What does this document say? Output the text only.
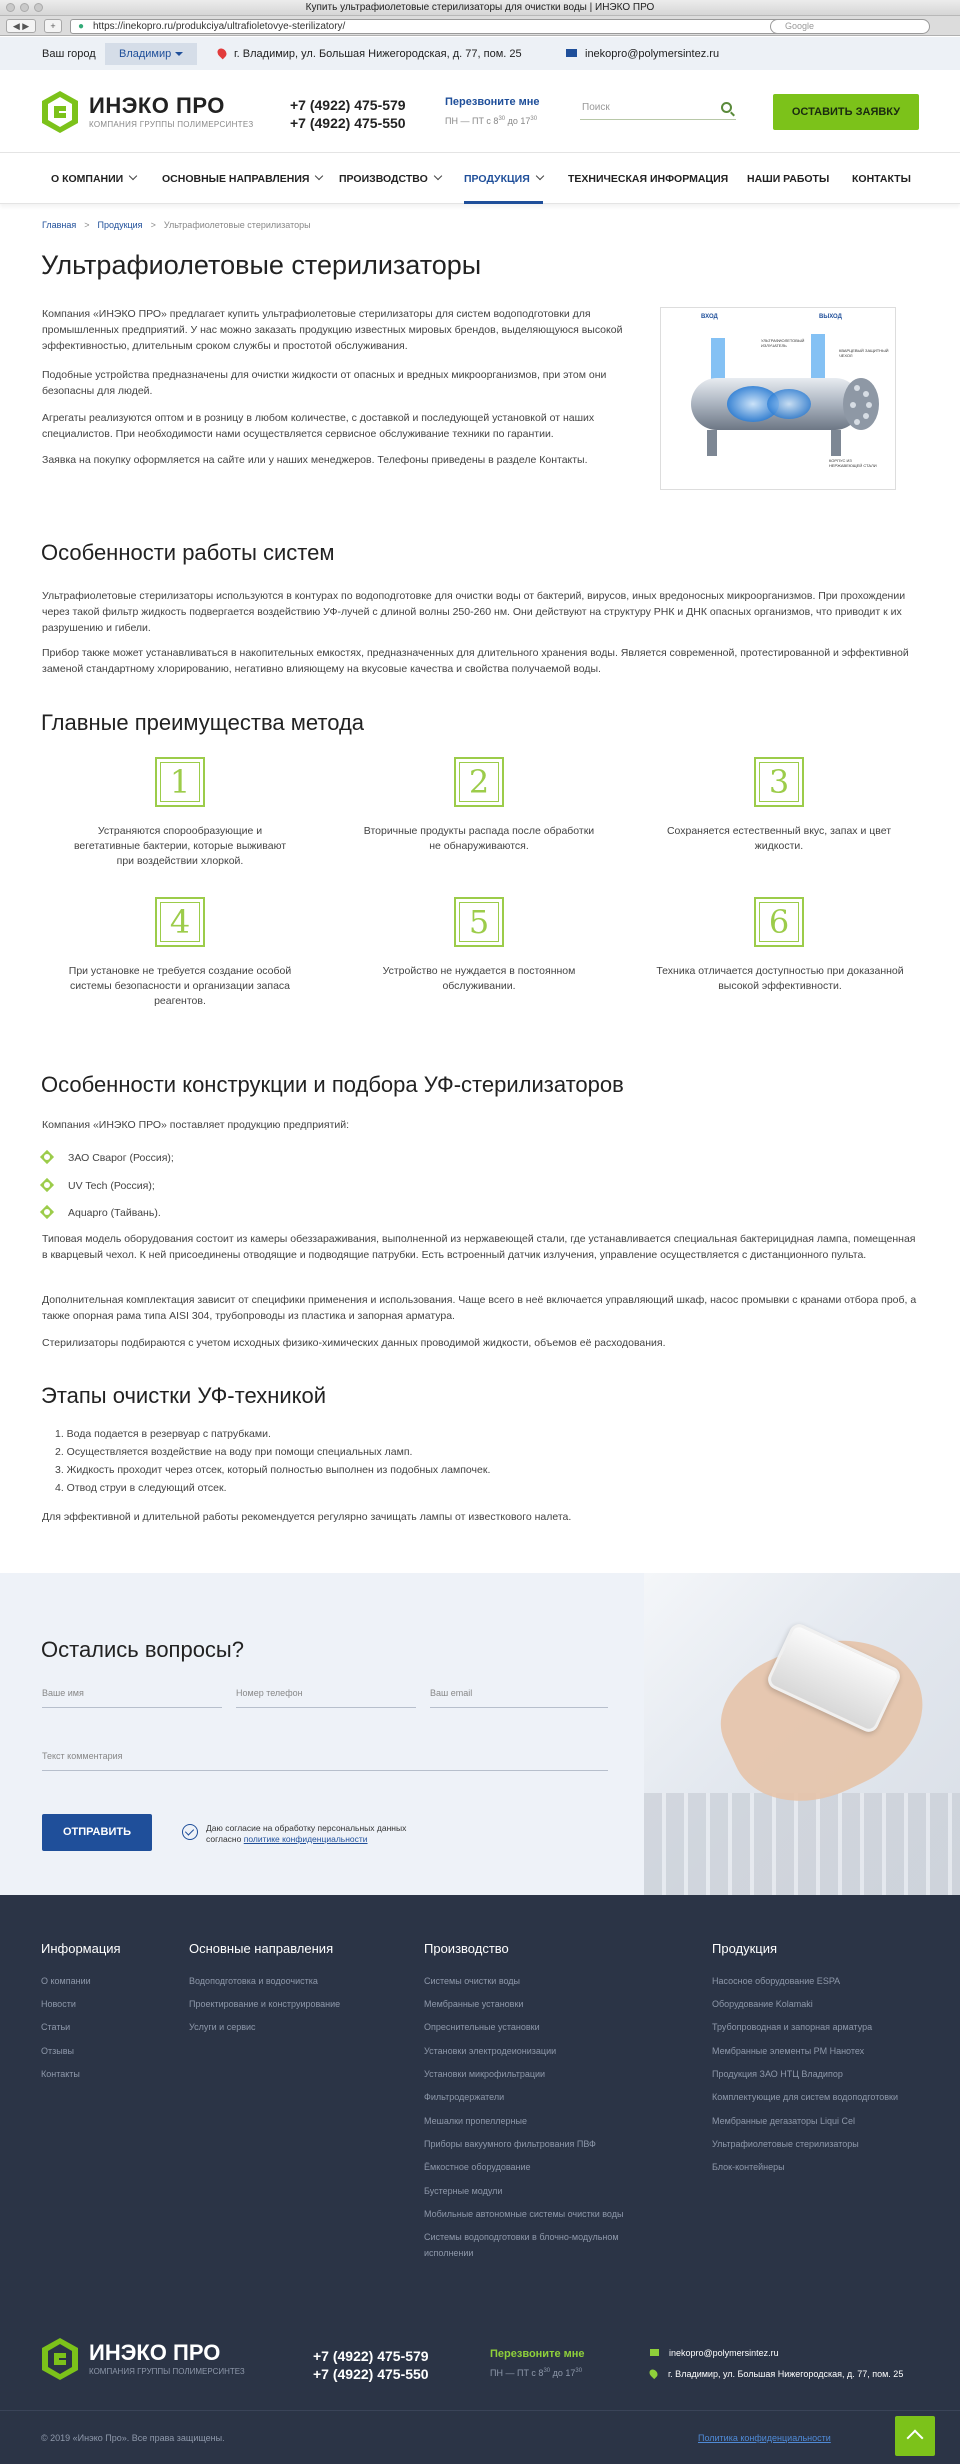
Купить ультрафиолетовые стерилизаторы для очистки воды | ИНЭКО ПРО
◀ ▶	+	● https://inekopro.ru/produkciya/ultrafioletovye-sterilizatory/	Google
Ваш город	Владимир	г. Владимир, ул. Большая Нижегородская, д. 77, пом. 25	inekopro@polymersintez.ru
ИНЭКО ПРО
КОМПАНИЯ ГРУППЫ ПОЛИМЕРСИНТЕЗ
+7 (4922) 475-579
+7 (4922) 475-550
Перезвоните мне
ПН — ПТ с $8^{30}$ до $17^{30}$
Поиск	ОСТАВИТЬ ЗАЯВКУ
О КОМПАНИИ	ОСНОВНЫЕ НАПРАВЛЕНИЯ	ПРОИЗВОДСТВО	ПРОДУКЦИЯ	ТЕХНИЧЕСКАЯ ИНФОРМАЦИЯ НАШИ РАБОТЫ КОНТАКТЫ
Главная > Продукция > Ультрафиолетовые стерилизаторы
Ультрафиолетовые стерилизаторы

Компания «ИНЭКО ПРО» предлагает купить ультрафиолетовые стерилизаторы для систем водоподготовки для промышленных предприятий. У нас можно заказать продукцию известных мировых брендов, выделяющуюся высокой эффективностью, длительным сроком службы и простотой обслуживания.

Подобные устройства предназначены для очистки жидкости от опасных и вредных микроорганизмов, при этом они безопасны для людей.

Агрегаты реализуются оптом и в розницу в любом количестве, с доставкой и последующей установкой от наших специалистов. При необходимости нами осуществляется сервисное обслуживание техники по гарантии.

Заявка на покупку оформляется на сайте или у наших менеджеров. Телефоны приведены в разделе Контакты.

ВХОД	ВЫХОД
УЛЬТРАФИОЛЕТОВЫЙ ИЗЛУЧАТЕЛЬ
КВАРЦЕВЫЙ ЗАЩИТНЫЙ ЧЕХОЛ
КОРПУС ИЗ НЕРЖАВЕЮЩЕЙ СТАЛИ
Особенности работы систем

Ультрафиолетовые стерилизаторы используются в контурах по водоподготовке для очистки воды от бактерий, вирусов, иных вредоносных микроорганизмов. При прохождении через такой фильтр жидкость подвергается воздействию УФ-лучей с длиной волны 250-260 нм. Они действуют на структуру РНК и ДНК опасных организмов, что приводит к их разрушению и гибели.

Прибор также может устанавливаться в накопительных емкостях, предназначенных для длительного хранения воды. Является современной, протестированной и эффективной заменой стандартному хлорированию, негативно влияющему на вкусовые качества и свойства получаемой воды.

Главные преимущества метода
1	2	3
Устраняются спорообразующие и вегетативные бактерии, которые выживают при воздействии хлоркой.
Вторичные продукты распада после обработки не обнаруживаются.
Сохраняется естественный вкус, запах и цвет жидкости.
4	5	6
При установке не требуется создание особой системы безопасности и организации запаса реагентов.
Устройство не нуждается в постоянном обслуживании.
Техника отличается доступностью при доказанной высокой эффективности.
Особенности конструкции и подбора УФ-стерилизаторов

Компания «ИНЭКО ПРО» поставляет продукцию предприятий:

ЗАО Сварог (Россия);
UV Tech (Россия);
Aquapro (Тайвань).

Типовая модель оборудования состоит из камеры обеззараживания, выполненной из нержавеющей стали, где устанавливается специальная бактерицидная лампа, помещенная в кварцевый чехол. К ней присоединены отводящие и подводящие патрубки. Есть встроенный датчик излучения, управление осуществляется с дистанционного пульта.

Дополнительная комплектация зависит от специфики применения и использования. Чаще всего в неё включается управляющий шкаф, насос промывки с кранами отбора проб, а также опорная рама типа AISI 304, трубопроводы из пластика и запорная арматура.

Стерилизаторы подбираются с учетом исходных физико-химических данных проводимой жидкости, объемов её расходования.

Этапы очистки УФ-техникой
1. Вода подается в резервуар с патрубками.
2. Осуществляется воздействие на воду при помощи специальных ламп.
3. Жидкость проходит через отсек, который полностью выполнен из подобных лампочек.
4. Отвод струи в следующий отсек.

Для эффективной и длительной работы рекомендуется регулярно зачищать лампы от известкового налета.

Остались вопросы?
Ваше имя	Номер телефон	Ваш email
Текст комментария
ОТПРАВИТЬ	Даю согласие на обработку персональных данных
согласно политике конфиденциальности
Информация
О компании
Новости
Статьи
Отзывы
Контакты
Основные направления
Водоподготовка и водоочистка
Проектирование и конструирование
Услуги и сервис
Производство
Системы очистки воды
Мембранные установки
Опреснительные установки
Установки электродеионизации
Установки микрофильтрации
Фильтродержатели
Мешалки пропеллерные
Приборы вакуумного фильтрования ПВФ
Ёмкостное оборудование
Бустерные модули
Мобильные автономные системы очистки воды
Системы водоподготовки в блочно-модульном
исполнении
Продукция
Насосное оборудование ESPA
Оборудование Kolamaki
Трубопроводная и запорная арматура
Мембранные элементы РМ Нанотех
Продукция ЗАО НТЦ Владипор
Комплектующие для систем водоподготовки
Мембранные дегазаторы Liqui Cel
Ультрафиолетовые стерилизаторы
Блок-контейнеры
ИНЭКО ПРО
КОМПАНИЯ ГРУППЫ ПОЛИМЕРСИНТЕЗ
+7 (4922) 475-579
+7 (4922) 475-550
Перезвоните мне
ПН — ПТ с $8^{30}$ до $17^{30}$
inekopro@polymersintez.ru
г. Владимир, ул. Большая Нижегородская, д. 77, пом. 25
© 2019 «Инэко Про». Все права защищены.	Политика конфиденциальности
